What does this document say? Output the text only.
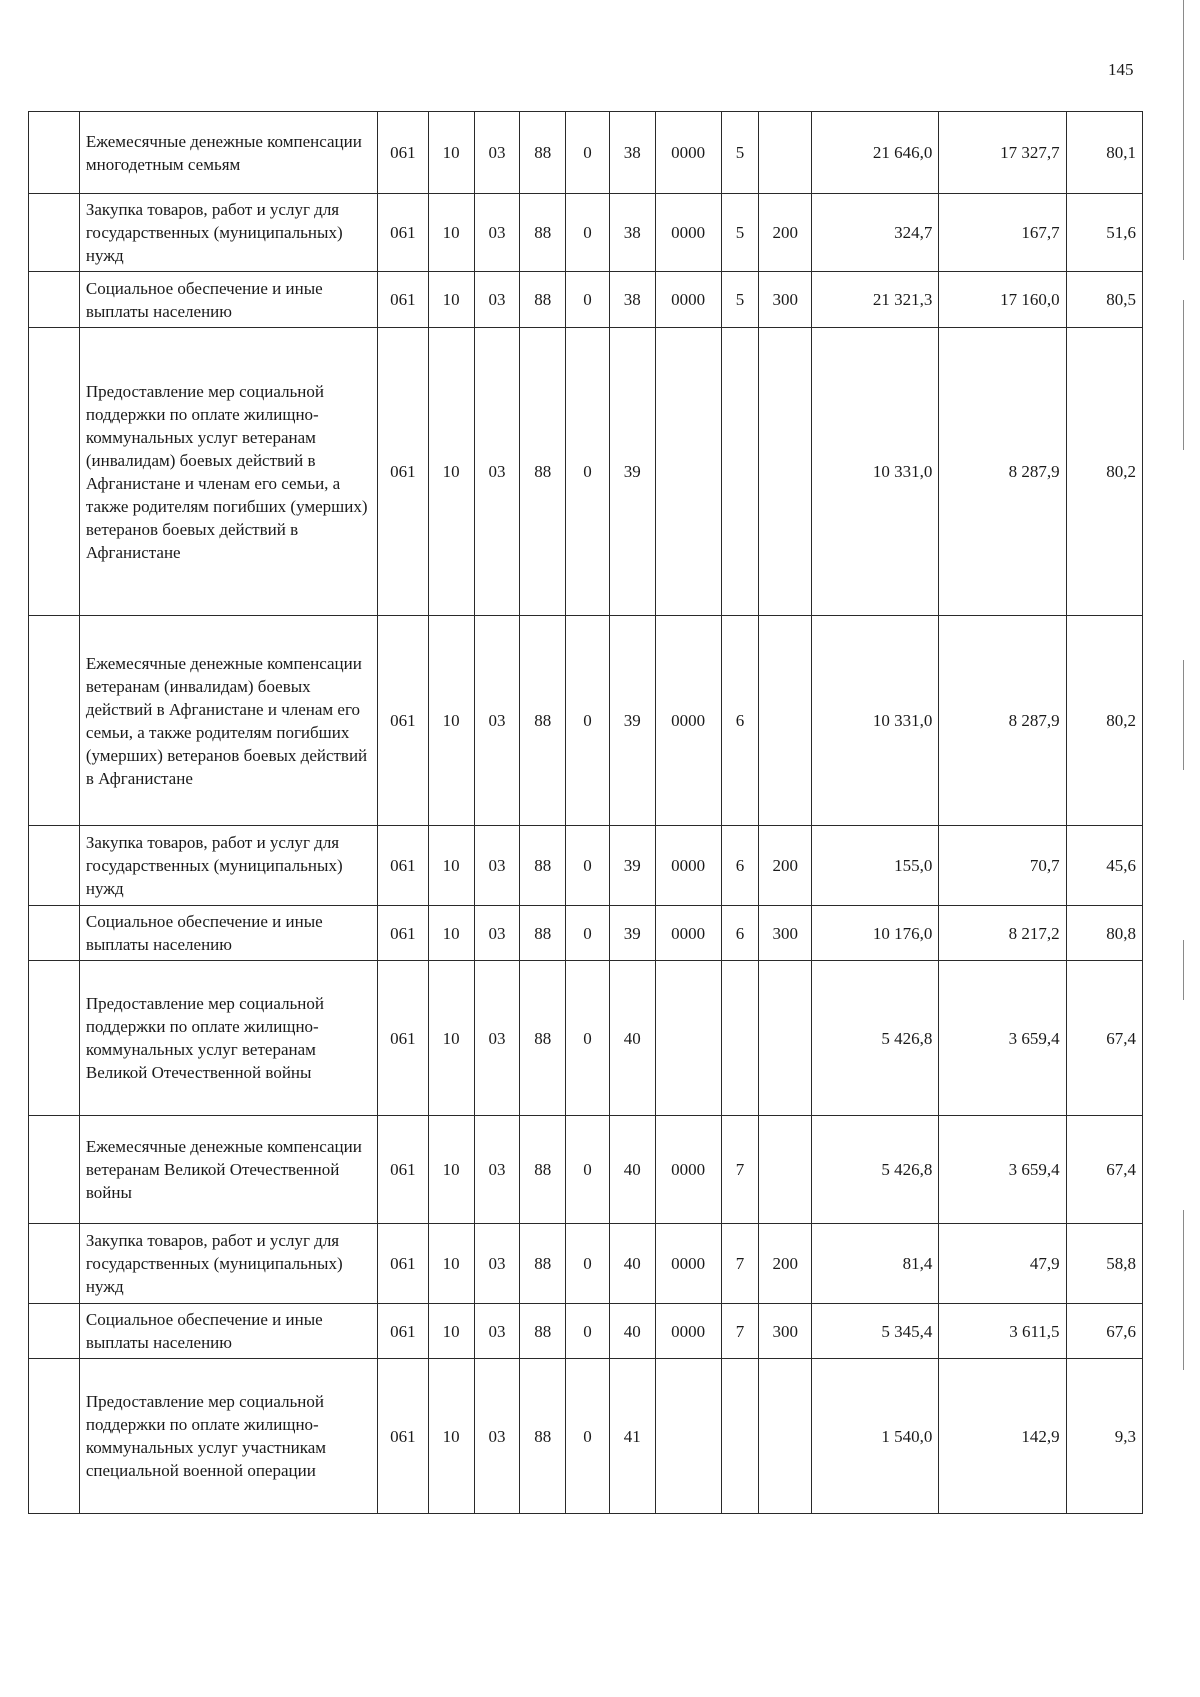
145
	Ежемесячные денежные компенсации многодетным семьям	061	10	03	88	0	38	0000	5		21 646,0	17 327,7	80,1
	Закупка товаров, работ и услуг для государственных (муниципальных) нужд	061	10	03	88	0	38	0000	5	200	324,7	167,7	51,6
	Социальное обеспечение и иные выплаты населению	061	10	03	88	0	38	0000	5	300	21 321,3	17 160,0	80,5
	Предоставление мер социальной поддержки по оплате жилищно-коммунальных услуг ветеранам (инвалидам) боевых действий в Афганистане и членам его семьи, а также родителям погибших (умерших) ветеранов боевых действий в Афганистане	061	10	03	88	0	39				10 331,0	8 287,9	80,2
	Ежемесячные денежные компенсации ветеранам (инвалидам) боевых действий в Афганистане и членам его семьи, а также родителям погибших (умерших) ветеранов боевых действий в Афганистане	061	10	03	88	0	39	0000	6		10 331,0	8 287,9	80,2
	Закупка товаров, работ и услуг для государственных (муниципальных) нужд	061	10	03	88	0	39	0000	6	200	155,0	70,7	45,6
	Социальное обеспечение и иные выплаты населению	061	10	03	88	0	39	0000	6	300	10 176,0	8 217,2	80,8
	Предоставление мер социальной поддержки по оплате жилищно-коммунальных услуг ветеранам Великой Отечественной войны	061	10	03	88	0	40				5 426,8	3 659,4	67,4
	Ежемесячные денежные компенсации ветеранам Великой Отечественной войны	061	10	03	88	0	40	0000	7		5 426,8	3 659,4	67,4
	Закупка товаров, работ и услуг для государственных (муниципальных) нужд	061	10	03	88	0	40	0000	7	200	81,4	47,9	58,8
	Социальное обеспечение и иные выплаты населению	061	10	03	88	0	40	0000	7	300	5 345,4	3 611,5	67,6
	Предоставление мер социальной поддержки по оплате жилищно-коммунальных услуг участникам специальной военной операции	061	10	03	88	0	41				1 540,0	142,9	9,3
